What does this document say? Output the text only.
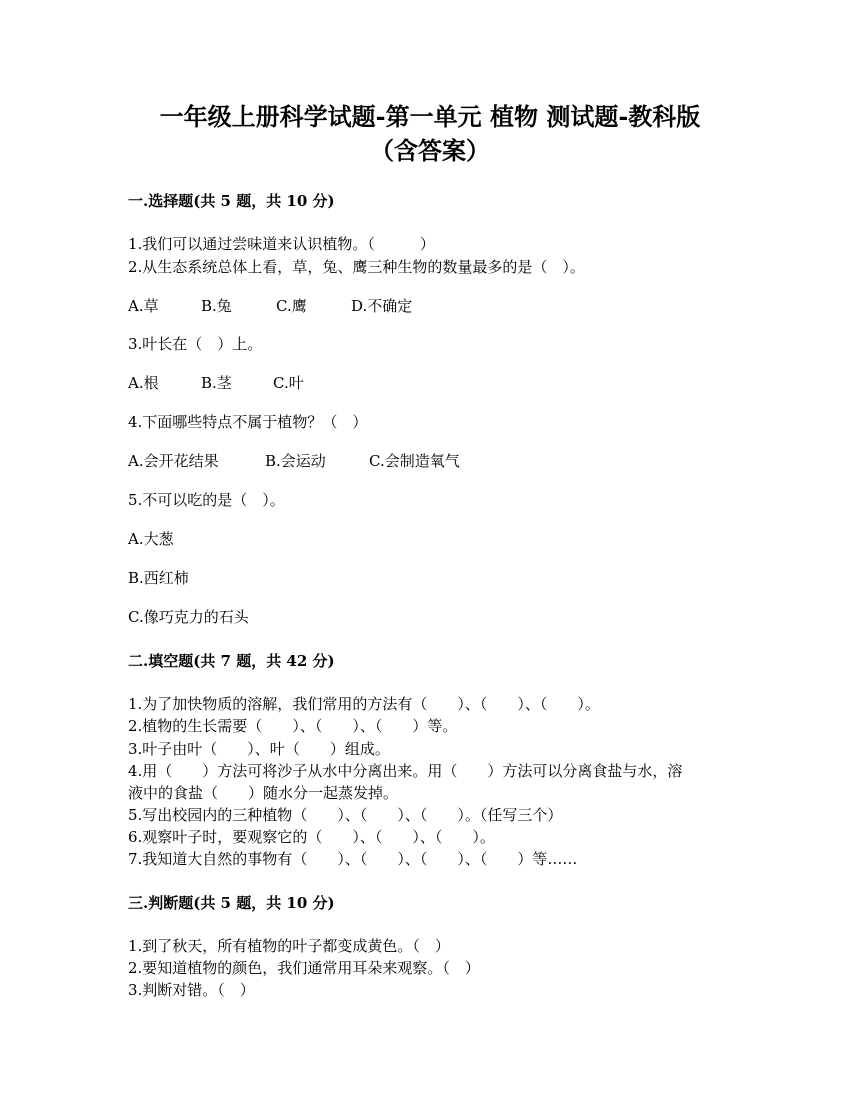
一年级上册科学试题-第一单元 植物 测试题-教科版
（含答案）
一.选择题(共 5 题，共 10 分)
1.我们可以通过尝味道来认识植物。（　　　）
2.从生态系统总体上看，草，兔、鹰三种生物的数量最多的是（　）。
A.草	B.兔	C.鹰	D.不确定
3.叶长在（　）上。
A.根	B.茎	C.叶
4.下面哪些特点不属于植物？（　）
A.会开花结果	B.会运动	C.会制造氧气
5.不可以吃的是（　）。
A.大葱
B.西红柿
C.像巧克力的石头
二.填空题(共 7 题，共 42 分)
1.为了加快物质的溶解，我们常用的方法有（　　）、（　　）、（　　）。
2.植物的生长需要（　　）、（　　）、（　　）等。
3.叶子由叶（　　）、叶（　　）组成。
4.用（　　）方法可将沙子从水中分离出来。用（　　）方法可以分离食盐与水，溶
液中的食盐（　　）随水分一起蒸发掉。
5.写出校园内的三种植物（　　）、（　　）、（　　）。（任写三个）
6.观察叶子时，要观察它的（　　）、（　　）、（　　）。
7.我知道大自然的事物有（　　）、（　　）、（　　）、（　　）等……
三.判断题(共 5 题，共 10 分)
1.到了秋天，所有植物的叶子都变成黄色。（　）
2.要知道植物的颜色，我们通常用耳朵来观察。（　）
3.判断对错。（　）
